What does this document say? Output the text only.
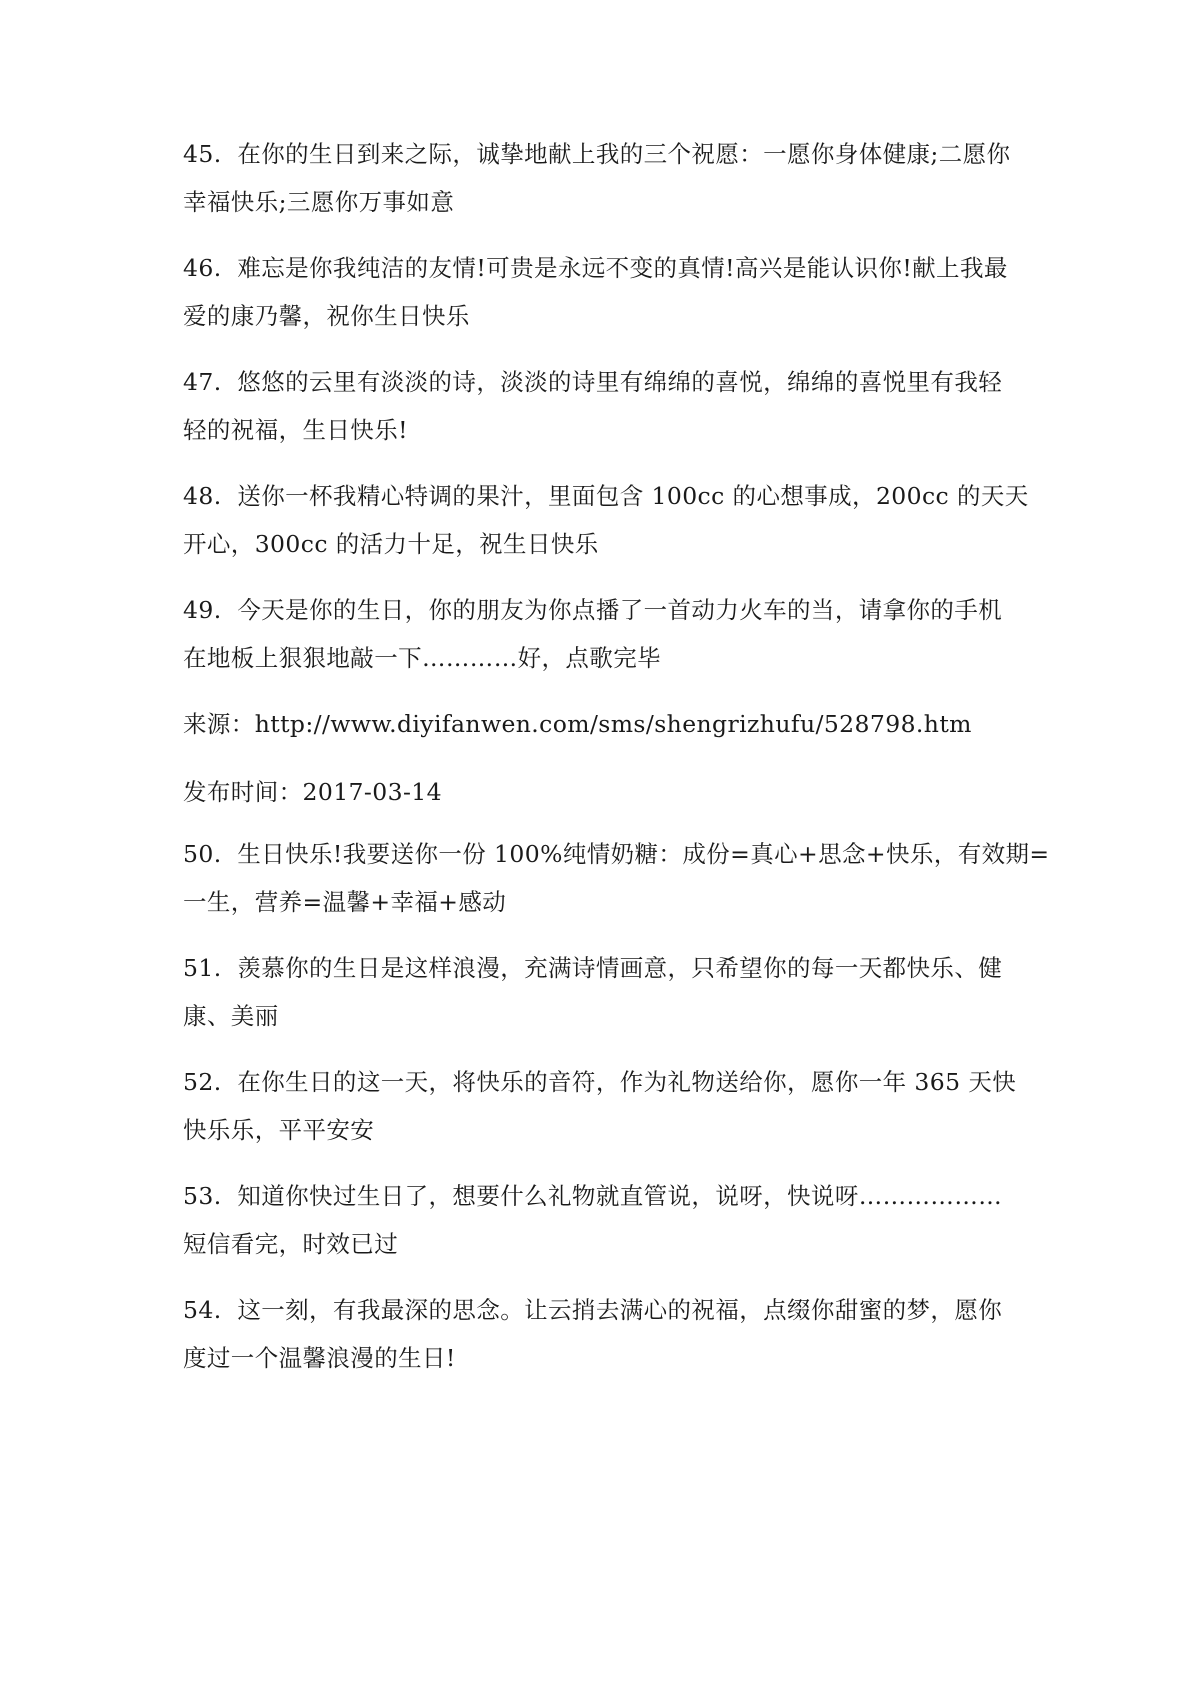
45. 在你的生日到来之际，诚挚地献上我的三个祝愿：一愿你身体健康;二愿你
幸福快乐;三愿你万事如意
46. 难忘是你我纯洁的友情!可贵是永远不变的真情!高兴是能认识你!献上我最
爱的康乃馨，祝你生日快乐
47. 悠悠的云里有淡淡的诗，淡淡的诗里有绵绵的喜悦，绵绵的喜悦里有我轻
轻的祝福，生日快乐!
48. 送你一杯我精心特调的果汁，里面包含 100cc 的心想事成，200cc 的天天
开心，300cc 的活力十足，祝生日快乐
49. 今天是你的生日，你的朋友为你点播了一首动力火车的当，请拿你的手机
在地板上狠狠地敲一下…………好，点歌完毕
来源：http://www.diyifanwen.com/sms/shengrizhufu/528798.htm
发布时间：2017-03-14
50. 生日快乐!我要送你一份 100%纯情奶糖：成份=真心+思念+快乐，有效期=
一生，营养=温馨+幸福+感动
51. 羡慕你的生日是这样浪漫，充满诗情画意，只希望你的每一天都快乐、健
康、美丽
52. 在你生日的这一天，将快乐的音符，作为礼物送给你，愿你一年 365 天快
快乐乐，平平安安
53. 知道你快过生日了，想要什么礼物就直管说，说呀，快说呀………………
短信看完，时效已过
54. 这一刻，有我最深的思念。让云捎去满心的祝福，点缀你甜蜜的梦，愿你
度过一个温馨浪漫的生日!
